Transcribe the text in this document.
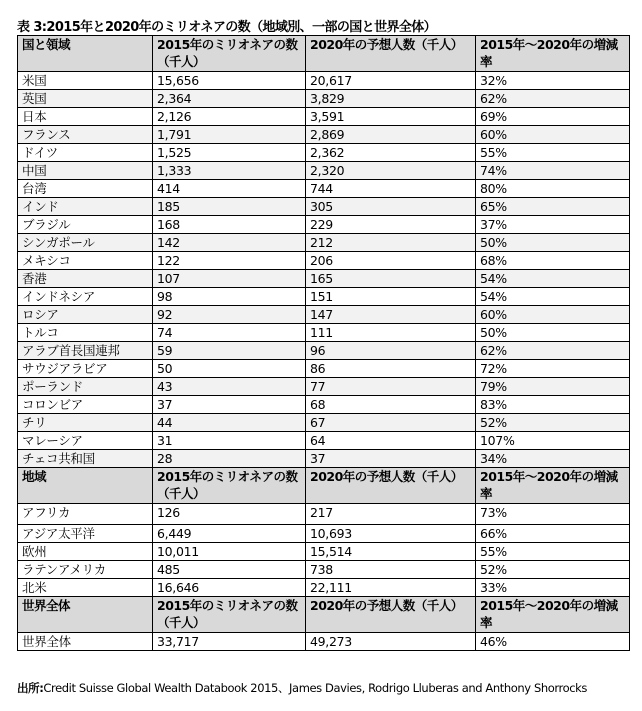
表 3:2015年と2020年のミリオネアの数（地域別、一部の国と世界全体）
国と領域	2015年のミリオネアの数（千人）	2020年の予想人数（千人）	2015年～2020年の増減率
米国	15,656	20,617	32%
英国	2,364	3,829	62%
日本	2,126	3,591	69%
フランス	1,791	2,869	60%
ドイツ	1,525	2,362	55%
中国	1,333	2,320	74%
台湾	414	744	80%
インド	185	305	65%
ブラジル	168	229	37%
シンガポール	142	212	50%
メキシコ	122	206	68%
香港	107	165	54%
インドネシア	98	151	54%
ロシア	92	147	60%
トルコ	74	111	50%
アラブ首長国連邦	59	96	62%
サウジアラビア	50	86	72%
ポーランド	43	77	79%
コロンビア	37	68	83%
チリ	44	67	52%
マレーシア	31	64	107%
チェコ共和国	28	37	34%
地域	2015年のミリオネアの数（千人）	2020年の予想人数（千人）	2015年～2020年の増減率
アフリカ	126	217	73%
アジア太平洋	6,449	10,693	66%
欧州	10,011	15,514	55%
ラテンアメリカ	485	738	52%
北米	16,646	22,111	33%
世界全体	2015年のミリオネアの数（千人）	2020年の予想人数（千人）	2015年～2020年の増減率
世界全体	33,717	49,273	46%
出所:Credit Suisse Global Wealth Databook 2015、James Davies, Rodrigo Lluberas and Anthony Shorrocks
